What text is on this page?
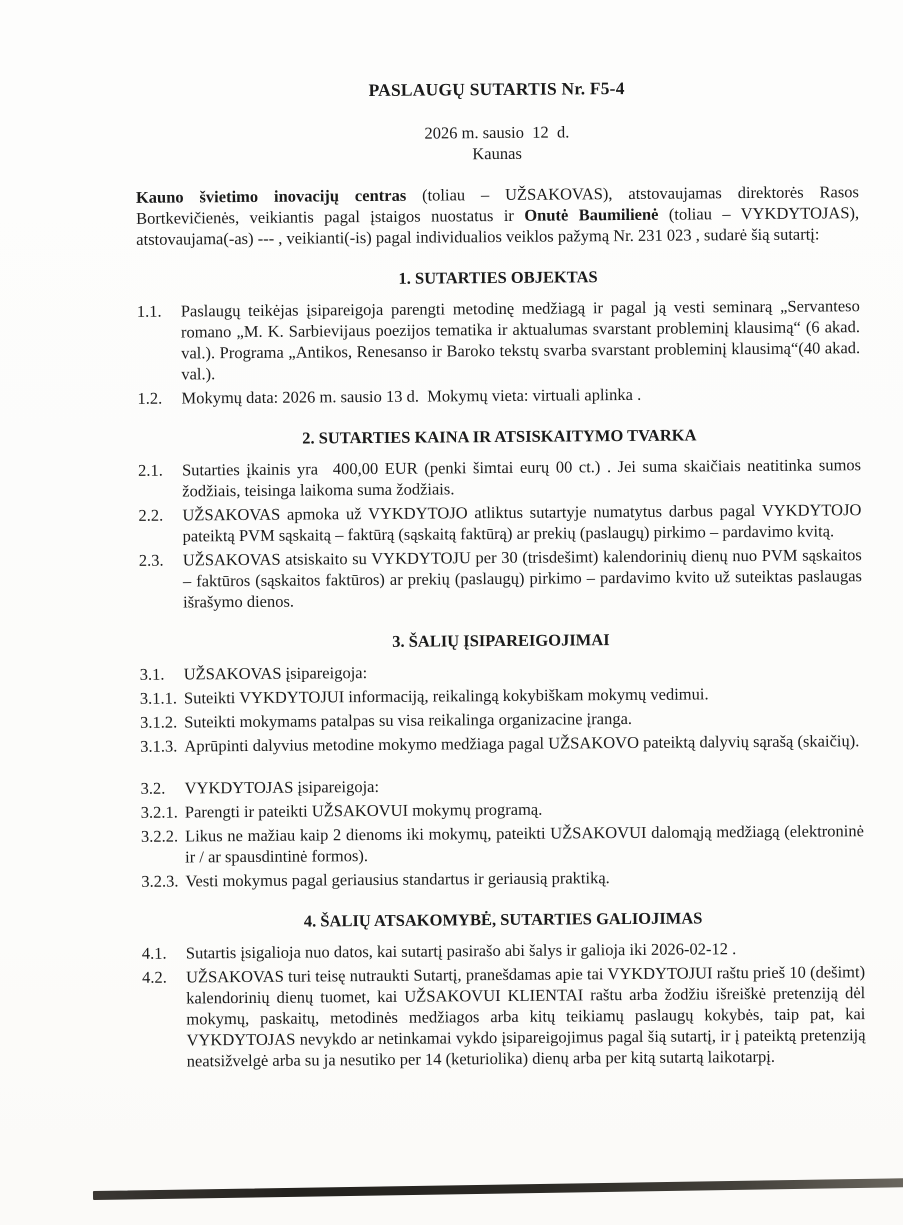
PASLAUGŲ SUTARTIS Nr. F5-4
2026 m. sausio  12  d.
Kaunas

Kauno švietimo inovacijų centras (toliau – UŽSAKOVAS), atstovaujamas direktorės Rasos Bortkevičienės, veikiantis pagal įstaigos nuostatus ir Onutė Baumilienė (toliau – VYKDYTOJAS), atstovaujama(-as) --- , veikianti(-is) pagal individualios veiklos pažymą Nr. 231 023 , sudarė šią sutartį:

1. SUTARTIES OBJEKTAS
1.1. Paslaugų teikėjas įsipareigoja parengti metodinę medžiagą ir pagal ją vesti seminarą „Servanteso romano „M. K. Sarbievijaus poezijos tematika ir aktualumas svarstant probleminį klausimą“ (6 akad. val.). Programa „Antikos, Renesanso ir Baroko tekstų svarba svarstant probleminį klausimą“(40 akad. val.).
1.2. Mokymų data: 2026 m. sausio 13 d.  Mokymų vieta: virtuali aplinka .
2. SUTARTIES KAINA IR ATSISKAITYMO TVARKA
2.1. Sutarties įkainis yra  400,00 EUR (penki šimtai eurų 00 ct.) . Jei suma skaičiais neatitinka sumos žodžiais, teisinga laikoma suma žodžiais.
2.2. UŽSAKOVAS apmoka už VYKDYTOJO atliktus sutartyje numatytus darbus pagal VYKDYTOJO pateiktą PVM sąskaitą – faktūrą (sąskaitą faktūrą) ar prekių (paslaugų) pirkimo – pardavimo kvitą.
2.3. UŽSAKOVAS atsiskaito su VYKDYTOJU per 30 (trisdešimt) kalendorinių dienų nuo PVM sąskaitos – faktūros (sąskaitos faktūros) ar prekių (paslaugų) pirkimo – pardavimo kvito už suteiktas paslaugas išrašymo dienos.
3. ŠALIŲ ĮSIPAREIGOJIMAI
3.1. UŽSAKOVAS įsipareigoja:
3.1.1. Suteikti VYKDYTOJUI informaciją, reikalingą kokybiškam mokymų vedimui.
3.1.2. Suteikti mokymams patalpas su visa reikalinga organizacine įranga.
3.1.3. Aprūpinti dalyvius metodine mokymo medžiaga pagal UŽSAKOVO pateiktą dalyvių sąrašą (skaičių).
3.2. VYKDYTOJAS įsipareigoja:
3.2.1. Parengti ir pateikti UŽSAKOVUI mokymų programą.
3.2.2. Likus ne mažiau kaip 2 dienoms iki mokymų, pateikti UŽSAKOVUI dalomąją medžiagą (elektroninė ir / ar spausdintinė formos).
3.2.3. Vesti mokymus pagal geriausius standartus ir geriausią praktiką.
4. ŠALIŲ ATSAKOMYBĖ, SUTARTIES GALIOJIMAS
4.1. Sutartis įsigalioja nuo datos, kai sutartį pasirašo abi šalys ir galioja iki 2026-02-12 .
4.2. UŽSAKOVAS turi teisę nutraukti Sutartį, pranešdamas apie tai VYKDYTOJUI raštu prieš 10 (dešimt) kalendorinių dienų tuomet, kai UŽSAKOVUI KLIENTAI raštu arba žodžiu išreiškė pretenziją dėl mokymų, paskaitų, metodinės medžiagos arba kitų teikiamų paslaugų kokybės, taip pat, kai VYKDYTOJAS nevykdo ar netinkamai vykdo įsipareigojimus pagal šią sutartį, ir į pateiktą pretenziją neatsižvelgė arba su ja nesutiko per 14 (keturiolika) dienų arba per kitą sutartą laikotarpį.
